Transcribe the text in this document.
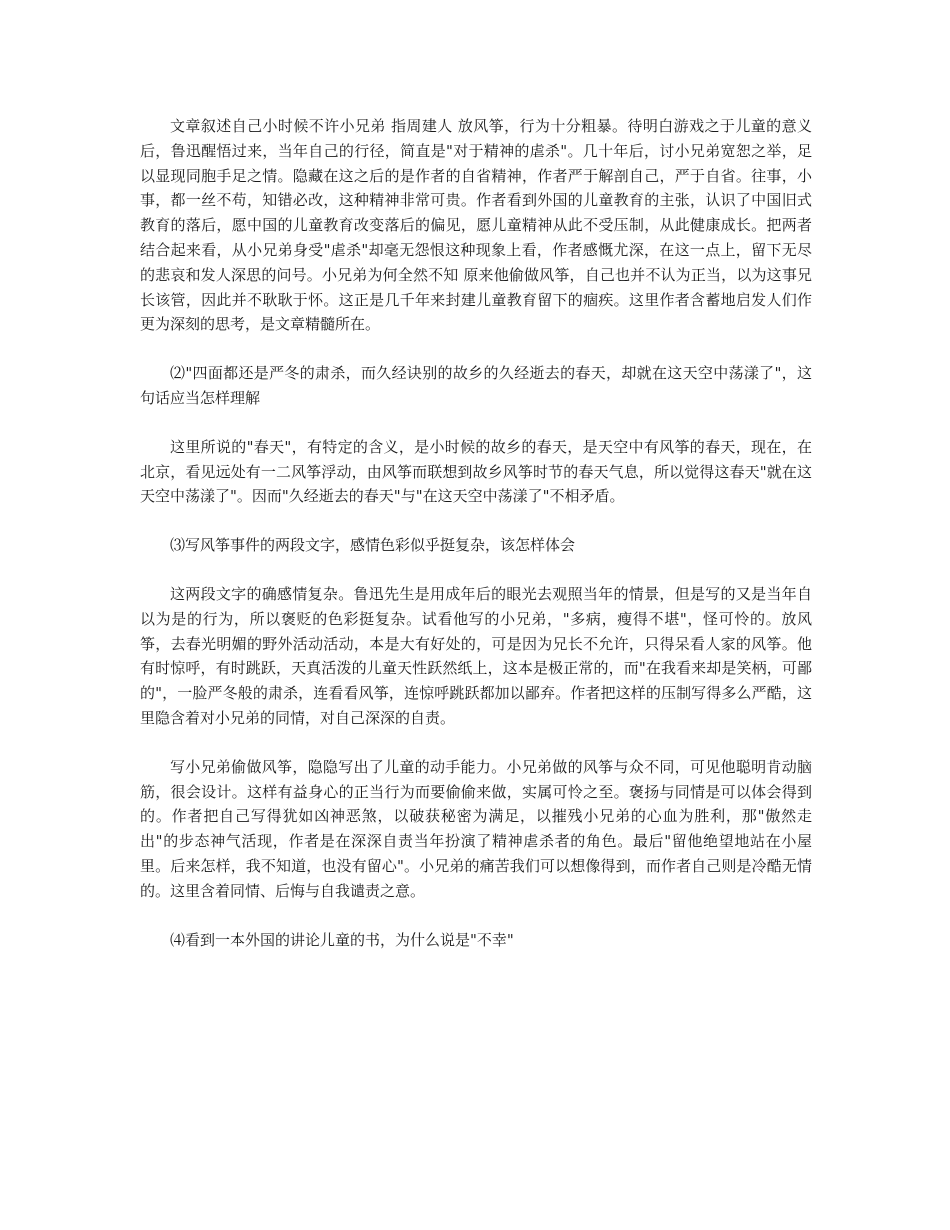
文章叙述自己小时候不许小兄弟 指周建人 放风筝，行为十分粗暴。待明白游戏之于儿童的意义后，鲁迅醒悟过来，当年自己的行径，简直是"对于精神的虐杀"。几十年后，讨小兄弟宽恕之举，足以显现同胞手足之情。隐藏在这之后的是作者的自省精神，作者严于解剖自己，严于自省。往事，小事，都一丝不苟，知错必改，这种精神非常可贵。作者看到外国的儿童教育的主张，认识了中国旧式教育的落后，愿中国的儿童教育改变落后的偏见，愿儿童精神从此不受压制，从此健康成长。把两者结合起来看，从小兄弟身受"虐杀"却毫无怨恨这种现象上看，作者感慨尤深，在这一点上，留下无尽的悲哀和发人深思的问号。小兄弟为何全然不知 原来他偷做风筝，自己也并不认为正当，以为这事兄长该管，因此并不耿耿于怀。这正是几千年来封建儿童教育留下的痼疾。这里作者含蓄地启发人们作更为深刻的思考，是文章精髓所在。

⑵"四面都还是严冬的肃杀，而久经诀别的故乡的久经逝去的春天，却就在这天空中荡漾了"，这句话应当怎样理解

这里所说的"春天"，有特定的含义，是小时候的故乡的春天，是天空中有风筝的春天，现在，在北京，看见远处有一二风筝浮动，由风筝而联想到故乡风筝时节的春天气息，所以觉得这春天"就在这天空中荡漾了"。因而"久经逝去的春天"与"在这天空中荡漾了"不相矛盾。

⑶写风筝事件的两段文字，感情色彩似乎挺复杂，该怎样体会

这两段文字的确感情复杂。鲁迅先生是用成年后的眼光去观照当年的情景，但是写的又是当年自以为是的行为，所以褒贬的色彩挺复杂。试看他写的小兄弟，"多病，瘦得不堪"，怪可怜的。放风筝，去春光明媚的野外活动活动，本是大有好处的，可是因为兄长不允许，只得呆看人家的风筝。他有时惊呼，有时跳跃，天真活泼的儿童天性跃然纸上，这本是极正常的，而"在我看来却是笑柄，可鄙的"，一脸严冬般的肃杀，连看看风筝，连惊呼跳跃都加以鄙弃。作者把这样的压制写得多么严酷，这里隐含着对小兄弟的同情，对自己深深的自责。

写小兄弟偷做风筝，隐隐写出了儿童的动手能力。小兄弟做的风筝与众不同，可见他聪明肯动脑筋，很会设计。这样有益身心的正当行为而要偷偷来做，实属可怜之至。褒扬与同情是可以体会得到的。作者把自己写得犹如凶神恶煞，以破获秘密为满足，以摧残小兄弟的心血为胜利，那"傲然走出"的步态神气活现，作者是在深深自责当年扮演了精神虐杀者的角色。最后"留他绝望地站在小屋里。后来怎样，我不知道，也没有留心"。小兄弟的痛苦我们可以想像得到，而作者自己则是冷酷无情的。这里含着同情、后悔与自我谴责之意。

⑷看到一本外国的讲论儿童的书，为什么说是"不幸"
